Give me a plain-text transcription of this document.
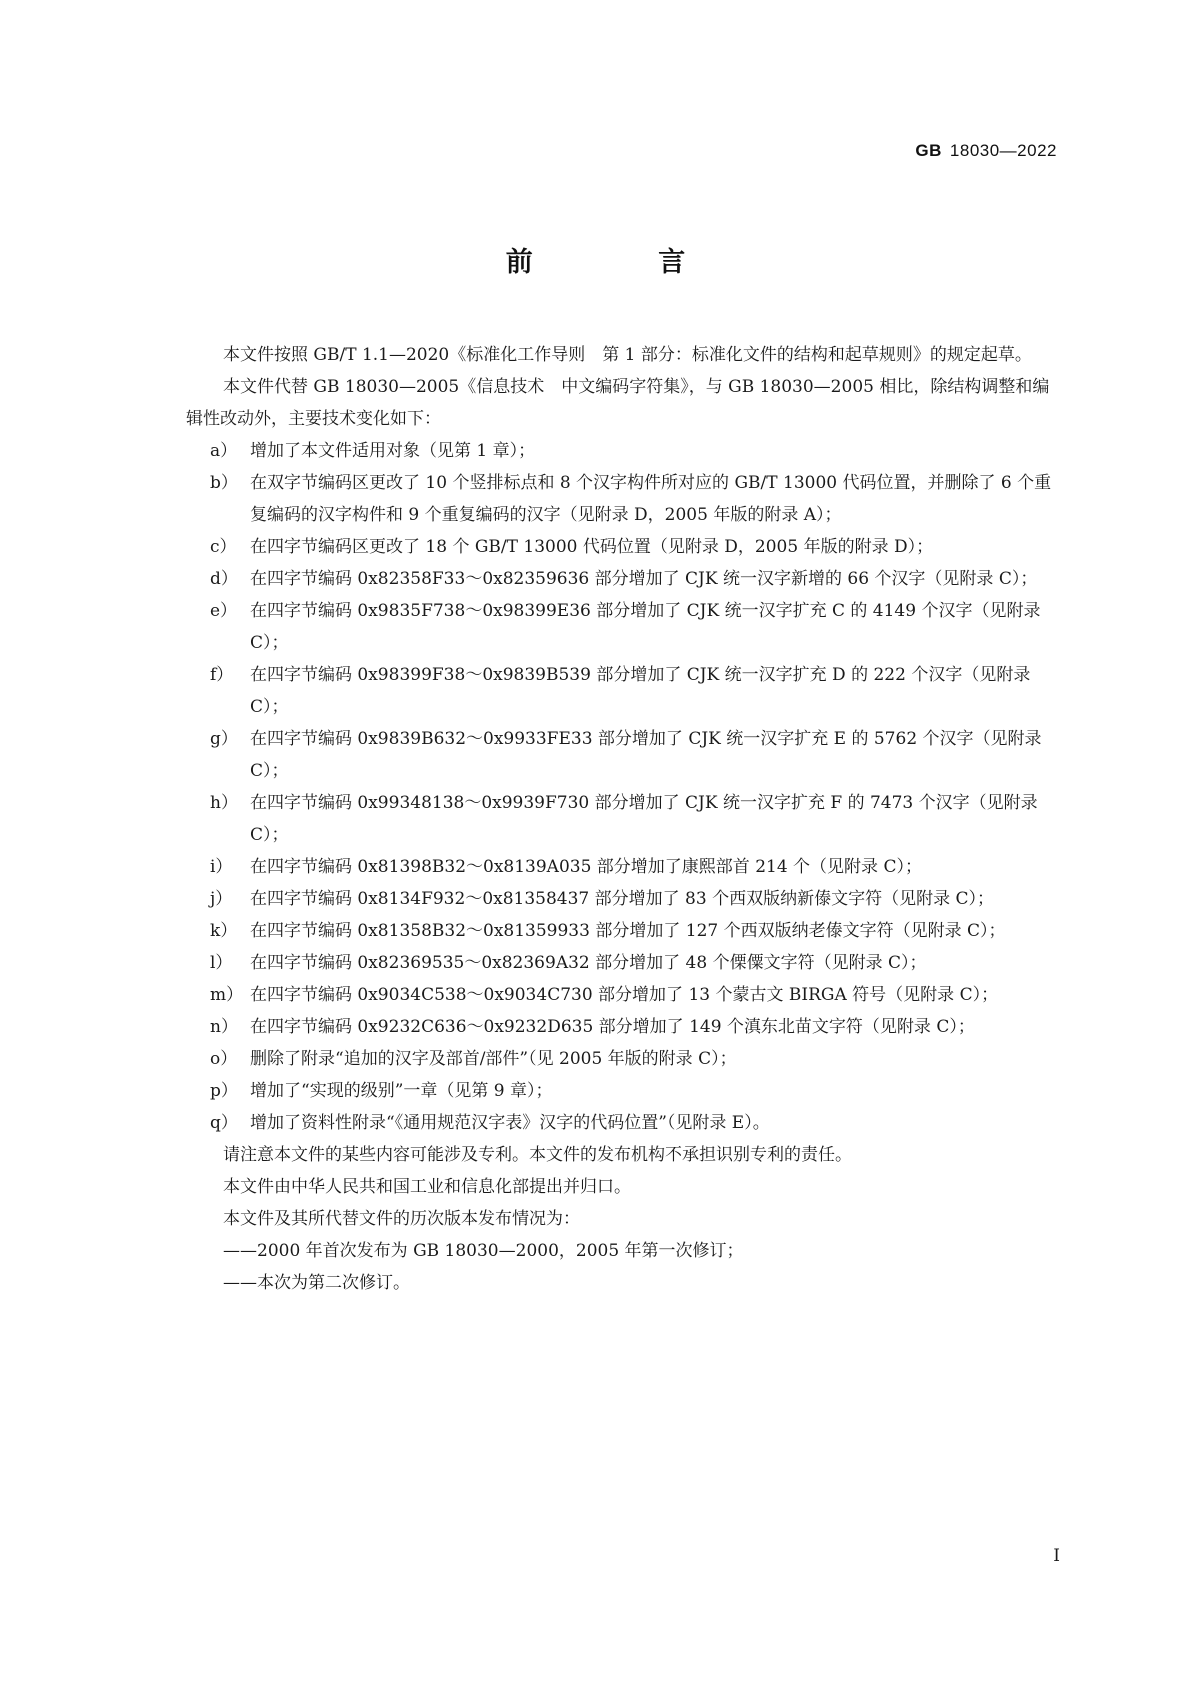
GB 18030—2022
前 言

本文件按照 GB/T 1.1—2020《标准化工作导则　第 1 部分：标准化文件的结构和起草规则》的规定起草。

本文件代替 GB 18030—2005《信息技术　中文编码字符集》，与 GB 18030—2005 相比，除结构调整和编辑性改动外，主要技术变化如下：

a） 增加了本文件适用对象（见第 1 章）；
b） 在双字节编码区更改了 10 个竖排标点和 8 个汉字构件所对应的 GB/T 13000 代码位置，并删除了 6 个重复编码的汉字构件和 9 个重复编码的汉字（见附录 D，2005 年版的附录 A）；
c） 在四字节编码区更改了 18 个 GB/T 13000 代码位置（见附录 D，2005 年版的附录 D）；
d） 在四字节编码 0x82358F33～0x82359636 部分增加了 CJK 统一汉字新增的 66 个汉字（见附录 C）；
e） 在四字节编码 0x9835F738～0x98399E36 部分增加了 CJK 统一汉字扩充 C 的 4149 个汉字（见附录 C）；
f） 在四字节编码 0x98399F38～0x9839B539 部分增加了 CJK 统一汉字扩充 D 的 222 个汉字（见附录 C）；
g） 在四字节编码 0x9839B632～0x9933FE33 部分增加了 CJK 统一汉字扩充 E 的 5762 个汉字（见附录 C）；
h） 在四字节编码 0x99348138～0x9939F730 部分增加了 CJK 统一汉字扩充 F 的 7473 个汉字（见附录 C）；
i） 在四字节编码 0x81398B32～0x8139A035 部分增加了康熙部首 214 个（见附录 C）；
j） 在四字节编码 0x8134F932～0x81358437 部分增加了 83 个西双版纳新傣文字符（见附录 C）；
k） 在四字节编码 0x81358B32～0x81359933 部分增加了 127 个西双版纳老傣文字符（见附录 C）；
l） 在四字节编码 0x82369535～0x82369A32 部分增加了 48 个傈僳文字符（见附录 C）；
m） 在四字节编码 0x9034C538～0x9034C730 部分增加了 13 个蒙古文 BIRGA 符号（见附录 C）；
n） 在四字节编码 0x9232C636～0x9232D635 部分增加了 149 个滇东北苗文字符（见附录 C）；
o） 删除了附录“追加的汉字及部首/部件”（见 2005 年版的附录 C）；
p） 增加了“实现的级别”一章（见第 9 章）；
q） 增加了资料性附录“《通用规范汉字表》汉字的代码位置”（见附录 E）。

请注意本文件的某些内容可能涉及专利。本文件的发布机构不承担识别专利的责任。

本文件由中华人民共和国工业和信息化部提出并归口。

本文件及其所代替文件的历次版本发布情况为：

——2000 年首次发布为 GB 18030—2000，2005 年第一次修订；

——本次为第二次修订。

I
